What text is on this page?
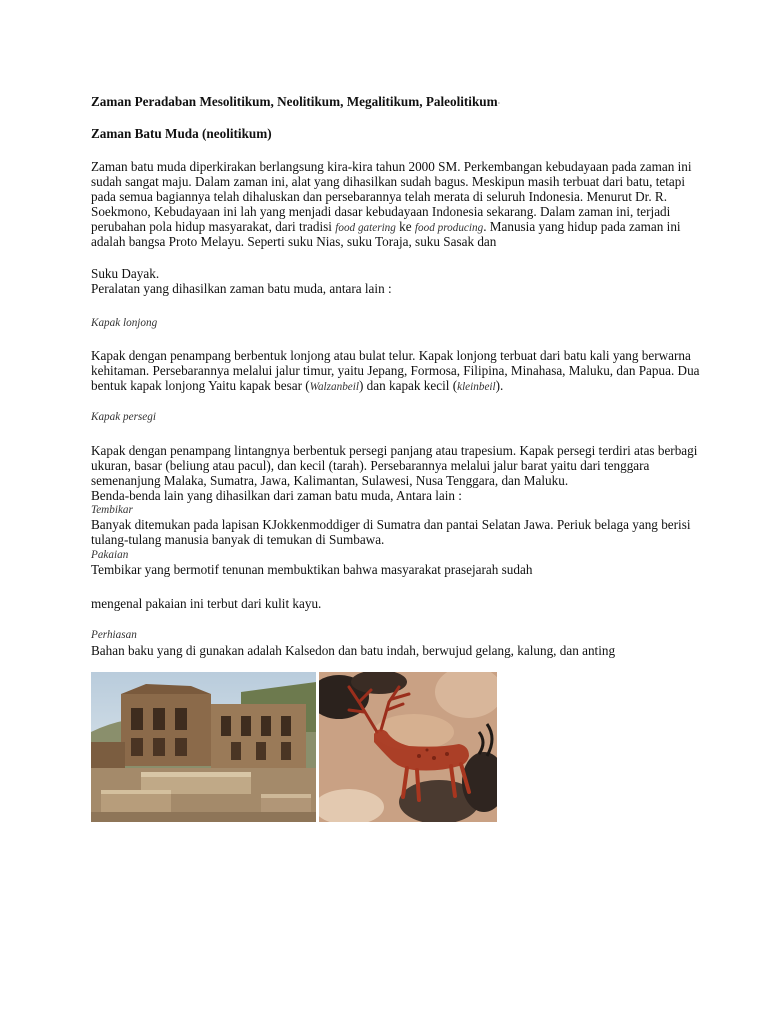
Zaman Peradaban Mesolitikum, Neolitikum, Megalitikum, Paleolitikum·
Zaman Batu Muda (neolitikum)
Zaman batu muda diperkirakan berlangsung kira-kira tahun 2000 SM. Perkembangan kebudayaan pada zaman ini
sudah sangat maju. Dalam zaman ini, alat yang dihasilkan sudah bagus. Meskipun masih terbuat dari batu, tetapi
pada semua bagiannya telah dihaluskan dan persebarannya telah merata di seluruh Indonesia. Menurut Dr. R.
Soekmono, Kebudayaan ini lah yang menjadi dasar kebudayaan Indonesia sekarang. Dalam zaman ini, terjadi
perubahan pola hidup masyarakat, dari tradisi food gatering ke food producing. Manusia yang hidup pada zaman ini
adalah bangsa Proto Melayu. Seperti suku Nias, suku Toraja, suku Sasak dan
Suku Dayak.
Peralatan yang dihasilkan zaman batu muda, antara lain :
Kapak lonjong
Kapak dengan penampang berbentuk lonjong atau bulat telur. Kapak lonjong terbuat dari batu kali yang berwarna
kehitaman. Persebarannya melalui jalur timur, yaitu Jepang, Formosa, Filipina, Minahasa, Maluku, dan Papua. Dua
bentuk kapak lonjong Yaitu kapak besar (Walzanbeil) dan kapak kecil (kleinbeil).
Kapak persegi
Kapak dengan penampang lintangnya berbentuk persegi panjang atau trapesium. Kapak persegi terdiri atas berbagi
ukuran, basar (beliung atau pacul), dan kecil (tarah). Persebarannya melalui jalur barat yaitu dari tenggara
semenanjung Malaka, Sumatra, Jawa, Kalimantan, Sulawesi, Nusa Tenggara, dan Maluku.
Benda-benda lain yang dihasilkan dari zaman batu muda, Antara lain :
Tembikar
Banyak ditemukan pada lapisan KJokkenmoddiger di Sumatra dan pantai Selatan Jawa. Periuk belaga yang berisi
tulang-tulang manusia banyak di temukan di Sumbawa.
Pakaian
Tembikar yang bermotif tenunan membuktikan bahwa masyarakat prasejarah sudah
mengenal pakaian ini terbut dari kulit kayu.
Perhiasan
Bahan baku yang di gunakan adalah Kalsedon dan batu indah, berwujud gelang, kalung, dan anting
